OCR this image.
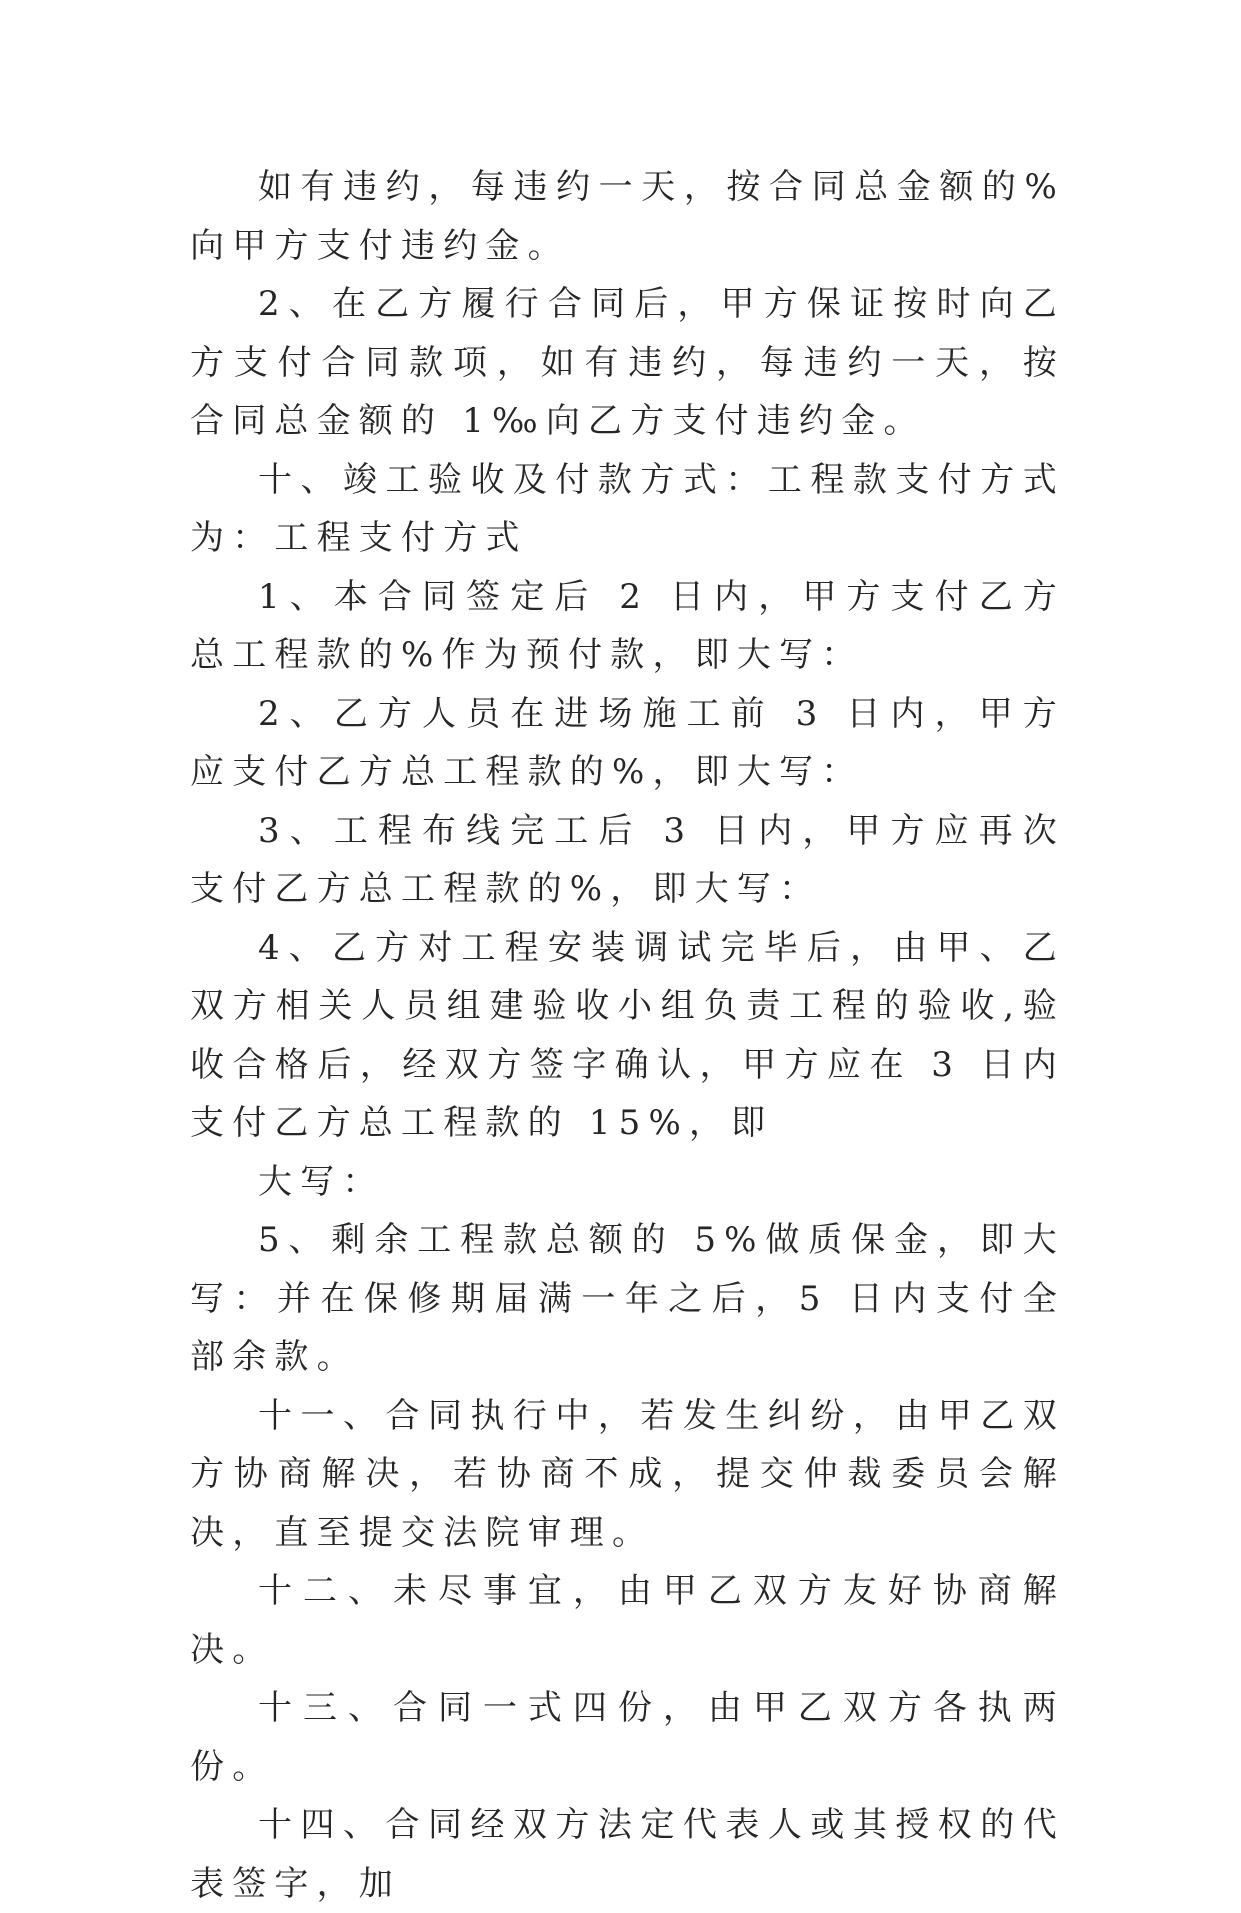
如有违约，每违约一天，按合同总金额的%向甲方支付违约金。

2、在乙方履行合同后，甲方保证按时向乙方支付合同款项，如有违约，每违约一天，按合同总金额的 1‰向乙方支付违约金。

十、竣工验收及付款方式：工程款支付方式为：工程支付方式

1、本合同签定后 2 日内，甲方支付乙方总工程款的%作为预付款，即大写：

2、乙方人员在进场施工前 3 日内，甲方应支付乙方总工程款的%，即大写：

3、工程布线完工后 3 日内，甲方应再次支付乙方总工程款的%，即大写：

4、乙方对工程安装调试完毕后，由甲、乙双方相关人员组建验收小组负责工程的验收,验收合格后，经双方签字确认，甲方应在 3 日内支付乙方总工程款的 15%，即

大写：

5、剩余工程款总额的 5%做质保金，即大写：并在保修期届满一年之后，5 日内支付全部余款。

十一、合同执行中，若发生纠纷，由甲乙双方协商解决，若协商不成，提交仲裁委员会解决，直至提交法院审理。

十二、未尽事宜，由甲乙双方友好协商解决。

十三、合同一式四份，由甲乙双方各执两份。

十四、合同经双方法定代表人或其授权的代表签字，加
